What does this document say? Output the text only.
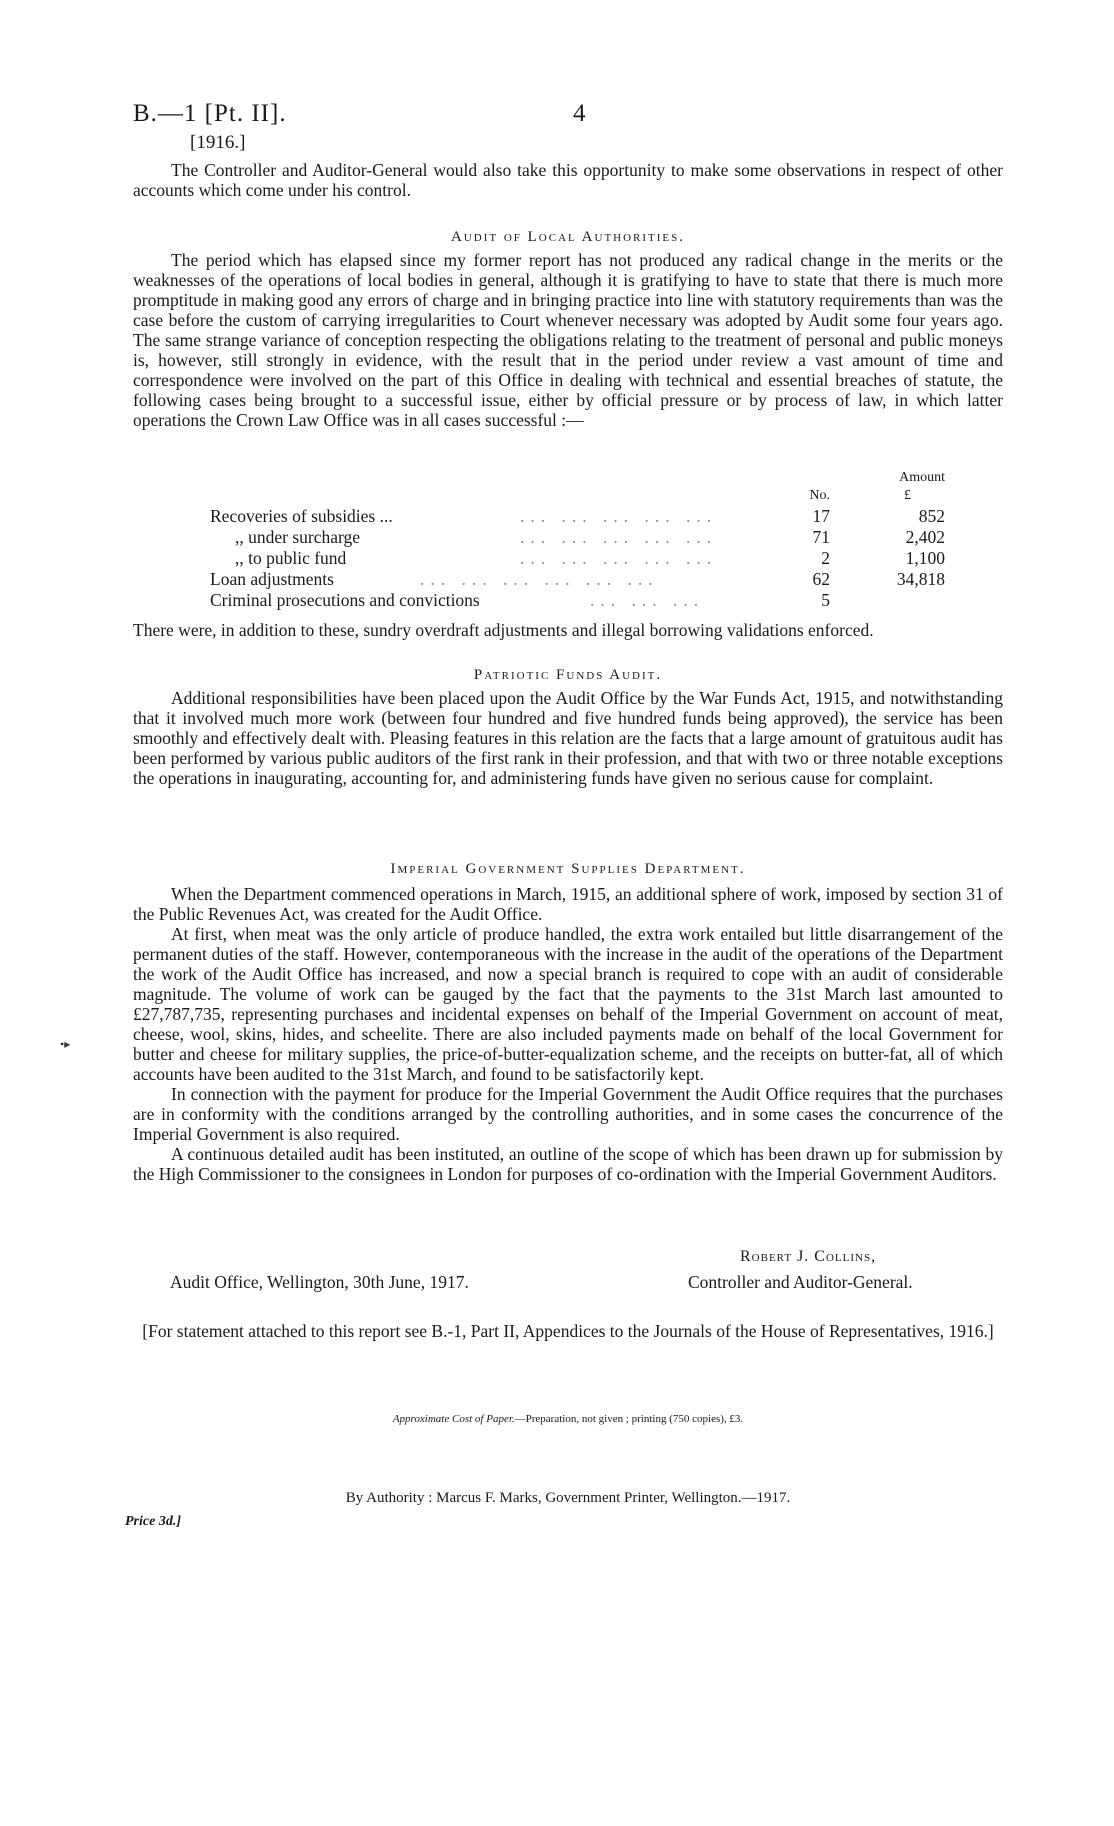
B.—1 [Pt. II].	4
[1916.]

The Controller and Auditor-General would also take this opportunity to make some observations in respect of other accounts which come under his control.

Audit of Local Authorities.

The period which has elapsed since my former report has not produced any radical change in the merits or the weaknesses of the operations of local bodies in general, although it is gratifying to have to state that there is much more promptitude in making good any errors of charge and in bringing practice into line with statutory requirements than was the case before the custom of carrying irregularities to Court whenever necessary was adopted by Audit some four years ago. The same strange variance of conception respecting the obligations relating to the treatment of personal and public moneys is, however, still strongly in evidence, with the result that in the period under review a vast amount of time and correspondence were involved on the part of this Office in dealing with technical and essential breaches of statute, the following cases being brought to a successful issue, either by official pressure or by process of law, in which latter operations the Crown Law Office was in all cases successful :—

Amount
No.	£
Recoveries of subsidies ...	... ... ... ... ...	17	852
,, under surcharge	... ... ... ... ...	71	2,402
,, to public fund	... ... ... ... ...	2	1,100
Loan adjustments	... ... ... ... ... ...	62	34,818
Criminal prosecutions and convictions	... ... ...	5

There were, in addition to these, sundry overdraft adjustments and illegal borrowing validations enforced.

Patriotic Funds Audit.

Additional responsibilities have been placed upon the Audit Office by the War Funds Act, 1915, and notwithstanding that it involved much more work (between four hundred and five hundred funds being approved), the service has been smoothly and effectively dealt with. Pleasing features in this relation are the facts that a large amount of gratuitous audit has been performed by various public auditors of the first rank in their profession, and that with two or three notable exceptions the operations in inaugurating, accounting for, and administering funds have given no serious cause for complaint.

Imperial Government Supplies Department.

When the Department commenced operations in March, 1915, an additional sphere of work, imposed by section 31 of the Public Revenues Act, was created for the Audit Office.

At first, when meat was the only article of produce handled, the extra work entailed but little disarrangement of the permanent duties of the staff. However, contemporaneous with the increase in the audit of the operations of the Department the work of the Audit Office has increased, and now a special branch is required to cope with an audit of considerable magnitude. The volume of work can be gauged by the fact that the payments to the 31st March last amounted to £27,787,735, representing purchases and incidental expenses on behalf of the Imperial Government on account of meat, cheese, wool, skins, hides, and scheelite. There are also included payments made on behalf of the local Government for butter and cheese for military supplies, the price-of-butter-equalization scheme, and the receipts on butter-fat, all of which accounts have been audited to the 31st March, and found to be satisfactorily kept.

In connection with the payment for produce for the Imperial Government the Audit Office requires that the purchases are in conformity with the conditions arranged by the controlling authorities, and in some cases the concurrence of the Imperial Government is also required.

A continuous detailed audit has been instituted, an outline of the scope of which has been drawn up for submission by the High Commissioner to the consignees in London for purposes of co-ordination with the Imperial Government Auditors.

•▸
Robert J. Collins,
Audit Office, Wellington, 30th June, 1917.	Controller and Auditor-General.
[For statement attached to this report see B.-1, Part II, Appendices to the Journals of the House of Representatives, 1916.]
Approximate Cost of Paper.—Preparation, not given ; printing (750 copies), £3.
By Authority : Marcus F. Marks, Government Printer, Wellington.—1917.
Price 3d.]
